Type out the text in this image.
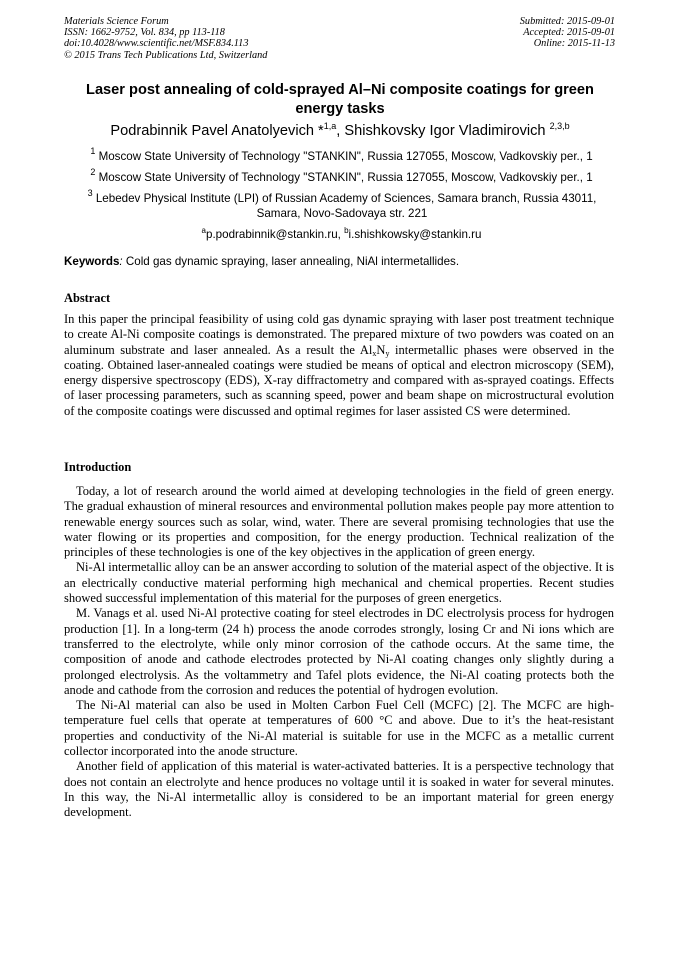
Materials Science Forum
ISSN: 1662-9752, Vol. 834, pp 113-118
doi:10.4028/www.scientific.net/MSF.834.113
© 2015 Trans Tech Publications Ltd, Switzerland
Submitted: 2015-09-01
Accepted: 2015-09-01
Online: 2015-11-13
Laser post annealing of cold-sprayed Al–Ni composite coatings for green energy tasks
Podrabinnik Pavel Anatolyevich *$^{1,a}$, Shishkovsky Igor Vladimirovich $^{2,3,b}$
$^1$ Moscow State University of Technology "STANKIN", Russia 127055, Moscow, Vadkovskiy per., 1
$^2$ Moscow State University of Technology "STANKIN", Russia 127055, Moscow, Vadkovskiy per., 1
$^3$ Lebedev Physical Institute (LPI) of Russian Academy of Sciences, Samara branch, Russia 43011, Samara, Novo-Sadovaya str. 221
$^a$p.podrabinnik@stankin.ru, $^b$i.shishkowsky@stankin.ru
Keywords: Cold gas dynamic spraying, laser annealing, NiAl intermetallides.
Abstract

In this paper the principal feasibility of using cold gas dynamic spraying with laser post treatment technique to create Al-Ni composite coatings is demonstrated. The prepared mixture of two powders was coated on an aluminum substrate and laser annealed. As a result the $Al_xN_y$ intermetallic phases were observed in the coating. Obtained laser-annealed coatings were studied be means of optical and electron microscopy (SEM), energy dispersive spectroscopy (EDS), X-ray diffractometry and compared with as-sprayed coatings. Effects of laser processing parameters, such as scanning speed, power and beam shape on microstructural evolution of the composite coatings were discussed and optimal regimes for laser assisted CS were determined.

Introduction

Today, a lot of research around the world aimed at developing technologies in the field of green energy. The gradual exhaustion of mineral resources and environmental pollution makes people pay more attention to renewable energy sources such as solar, wind, water. There are several promising technologies that use the water flowing or its properties and composition, for the energy production. Technical realization of the principles of these technologies is one of the key objectives in the application of green energy.

Ni-Al intermetallic alloy can be an answer according to solution of the material aspect of the objective. It is an electrically conductive material performing high mechanical and chemical properties. Recent studies showed successful implementation of this material for the purposes of green energetics.

M. Vanags et al. used Ni-Al protective coating for steel electrodes in DC electrolysis process for hydrogen production [1]. In a long-term (24 h) process the anode corrodes strongly, losing Cr and Ni ions which are transferred to the electrolyte, while only minor corrosion of the cathode occurs. At the same time, the composition of anode and cathode electrodes protected by Ni-Al coating changes only slightly during a prolonged electrolysis. As the voltammetry and Tafel plots evidence, the Ni-Al coating protects both the anode and cathode from the corrosion and reduces the potential of hydrogen evolution.

The Ni-Al material can also be used in Molten Carbon Fuel Cell (MCFC) [2]. The MCFC are high-temperature fuel cells that operate at temperatures of 600 °C and above. Due to it’s the heat-resistant properties and conductivity of the Ni-Al material is suitable for use in the MCFC as a metallic current collector incorporated into the anode structure.

Another field of application of this material is water-activated batteries. It is a perspective technology that does not contain an electrolyte and hence produces no voltage until it is soaked in water for several minutes. In this way, the Ni-Al intermetallic alloy is considered to be an important material for green energy development.
